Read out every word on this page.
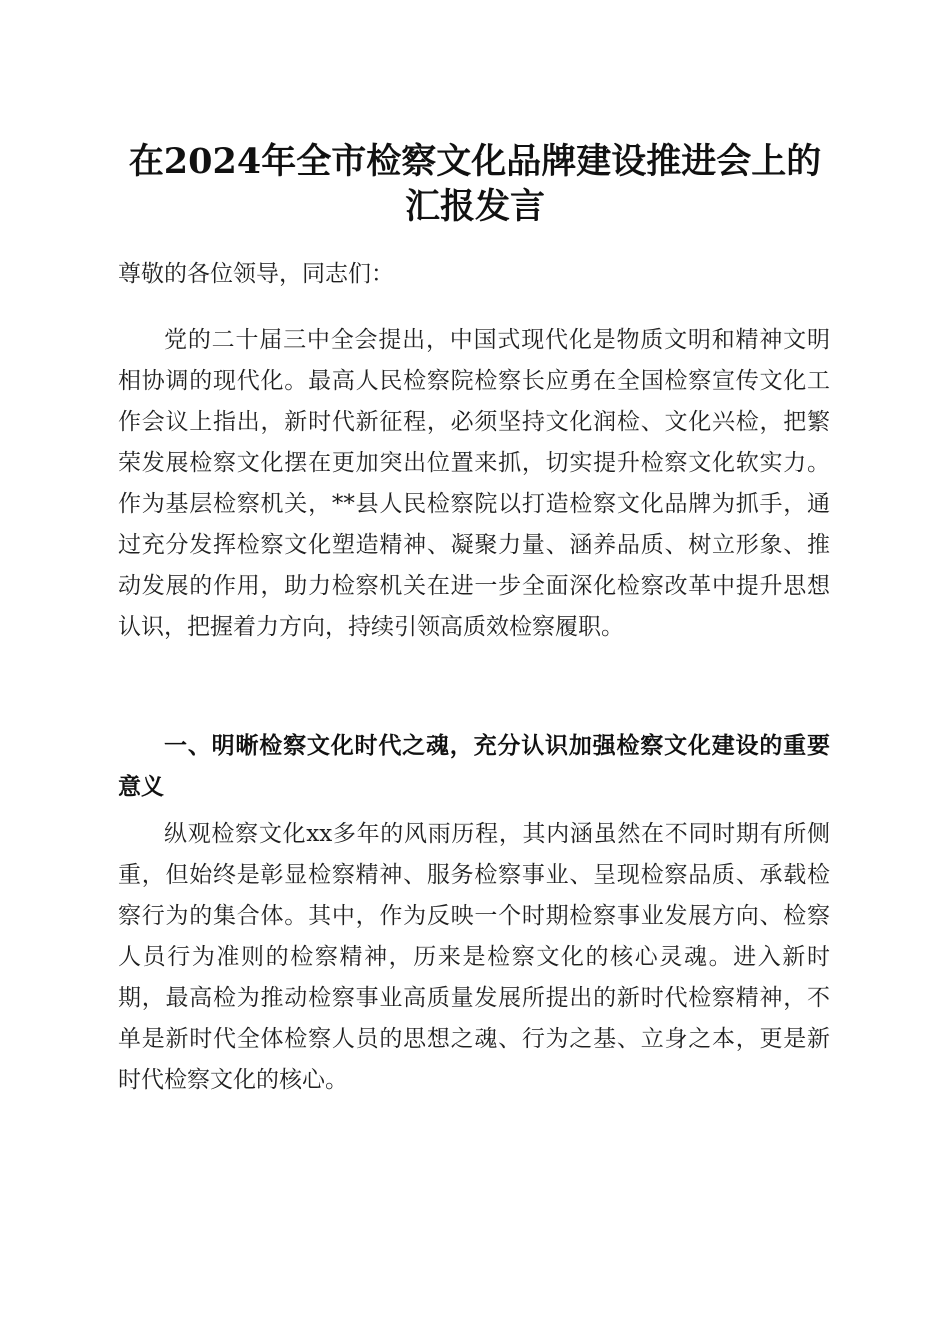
在2024年全市检察文化品牌建设推进会上的
汇报发言
尊敬的各位领导，同志们：
党的二十届三中全会提出，中国式现代化是物质文明和精神文明相协调的现代化。最高人民检察院检察长应勇在全国检察宣传文化工作会议上指出，新时代新征程，必须坚持文化润检、文化兴检，把繁荣发展检察文化摆在更加突出位置来抓，切实提升检察文化软实力。作为基层检察机关，**县人民检察院以打造检察文化品牌为抓手，通过充分发挥检察文化塑造精神、凝聚力量、涵养品质、树立形象、推动发展的作用，助力检察机关在进一步全面深化检察改革中提升思想认识，把握着力方向，持续引领高质效检察履职。
一、明晰检察文化时代之魂，充分认识加强检察文化建设的重要意义
纵观检察文化xx多年的风雨历程，其内涵虽然在不同时期有所侧重，但始终是彰显检察精神、服务检察事业、呈现检察品质、承载检察行为的集合体。其中，作为反映一个时期检察事业发展方向、检察人员行为准则的检察精神，历来是检察文化的核心灵魂。进入新时期，最高检为推动检察事业高质量发展所提出的新时代检察精神，不单是新时代全体检察人员的思想之魂、行为之基、立身之本，更是新时代检察文化的核心。
